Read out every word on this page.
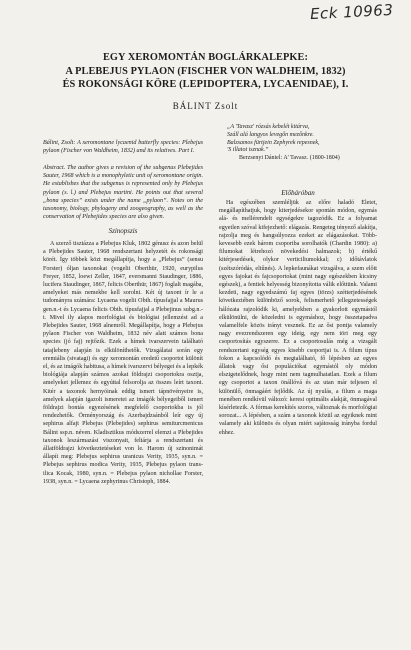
Eck 10963
EGY XEROMONTÁN BOGLÁRKALEPKE:
A PLEBEJUS PYLAON (FISCHER VON WALDHEIM, 1832)
ÉS ROKONSÁGI KÖRE (LEPIDOPTERA, LYCAENIDAE), I.
BÁLINT Zsolt
Bálint, Zsolt: A xeromontane lycaenid butterfly species: Plebejus pylaon (Fischer von Waldheim, 1832) and its relatives. Part I.
Abstract. The author gives a revision of the subgenus Plebejides Sauter, 1968 which is a monophyletic unit of xeromontane origin. He establishes that the subgenus is represented only by Plebejus pylaon (s. l.) and Plebejus martini. He points out that several „bona species” exists under the name „pylaon”. Notes on the taxonomy, biology, phylogeny and zoogeography, as well as the conservation of Plebejides species are also given.
Szinopszis

A szerző tisztázza a Plebejus Kluk, 1802 génusz és azon belül a Plebejides Sauter, 1968 rendszertani helyzetét és rokonsági körét. Így többek közt megállapítja, hogy a „Plebejus” (sensu Forster) óljan taxonokat (vogelii Oberthür, 1920, eurypilus Freyer, 1852, loewi Zeller, 1847, eversmanni Staudinger, 1886, lucifera Staudinger, 1867, felicis Oberthür, 1867) foglalt magába, amelyeket más nemekbe kell sorolni. Két új taxont ír le a tudományra számára: Lycaena vogelii Obth. típusfajjal a Maurus gen.n.-t és Lycaena felicis Obth. típusfajjal a Plebejinus subg.n.-t. Mivel ily alapos morfológiai és biológiai jellemzést ad a Plebejides Sauter, 1968 alnemről. Megállapítja, hogy a Plebejus pylaon Fischer von Waldheim, 1832 név alatt számos bona species (jó faj) rejtőzik. Ezek a hímek ivarszervein található tatajlebeny alapján is elkülöníthetők. Vizsgálatai során egy eremiális (sivatagi) és egy xeromontán eredetű csoportot különít el, és az imágók habitusa, a hímek ivarszervi bélyegei és a lepkék biológiája alapján számos azokat földrajzi csoportokra osztja, amelyeket jellemez és egyúttal felsorolja az összes leírt taxont. Kitér a taxonok hernyóinak eddig ismert tápnövényeire is, amelyek alapján igazolt ismeretei az imágók bélyegeiből ismert földrajzi bontás egyezésének megfelelő csoportokba is jól rendezhetők. Örményország és Azerbajdzsánból leír egy új sephirus alfajt Plebejus (Plebejides) sephirus semiturcmenicus Bálint ssp.n. néven. Kladisztikus módszerrel elemzi a Plebejides taxonok leszármazási viszonyait, feltárja a rendszertani és állatföldrajzi következtetéseket von le. Harom új szinonimát állapít meg: Plebejus sephirus uranicus Verity, 1935, syn.n. = Plebejus sephirus modica Verity, 1935, Plebejus pylaon trans-ilica Kocak, 1980, syn.n. = Plebejus pylaon nichollae Forster, 1938, syn.n. = Lycaena zephyrinus Christoph, 1884.

„A 'Tavasz' rózsás kebelét kitárva,
Száll alá langyos levegőn mezőnkre.
Balzsamos fürtjein Zephyrek repesnek,
'S illatot isznak.”
Berzsenyi Dániel: A' Tavasz. (1800-1804)
Előbáróban

Ha egészében szemléljük az előre haladó Életet, megállapíthatjuk, hogy kiterjedésekor spontán módon, egymás alá- és mellérendelt egységekre tagozódik. Ez a folyamat egyetlen szóval kifejezhető: elágazás. Rengeteg tényező alakítja, rajzolja meg és hangsúlyozza ezeket az elágazásokat. Több-kevesebb ezek három csoportba sorolhatók (Chardin 1980): a) filumokat létrehozó növekedési halmazok; b) értékű kitérjesedések, olykor verticiliumokkal; c) időtávlatok (szétszóródás, eltűnés). A lepkefaunákat vizsgálva, a szem előtt egyes fajokat és fajcsoportokat (mint nagy egészekben kicsiny egészek), a fentiek helyesség bizonyította válik előttünk. Valami kezdeti, nagy egyedszámú faj egyes (törzs) szétterjedésének következtében különböző sorok, felismerhető jellegzetességek hálózata rajzolódik ki, amelyekben a gyakorlott egymástól elkülönülni, de közeledni is egymáshoz, hogy összetapadva valamelfele közös irányt vesznek. Ez az ősi pontja valamely nagy evezrendszeren egy ideig, egy nem töri meg egy csoportosítás egyszerre. Ez a csoportosulás még a vizsgált rendszertani egység egyes kisebb csoportjai is. A filum típus fokon a kapcsolódó és megtalálható, fő lépésben az egyes állatok vagy ősi populációkat egymástól oly módon elszigetelődnek, hogy mint nem tagmulhatatlan. Ezek a filum egy csoportot a taxon önállóvá és az utan már teljesen el különülő, önmagáért fejlődik. Az új nyulás, a filum a maga menében rendkívül változó: keresi optimális alakját, önmagával kísérletezik. A fórmas kerekítés szoros, változnak és morfológiai sorozat... A lépésben, a szám a taxonok közül az egyiknek mint valamely aki különös és olyan miért sajátosság irányba fordul ehhez.
